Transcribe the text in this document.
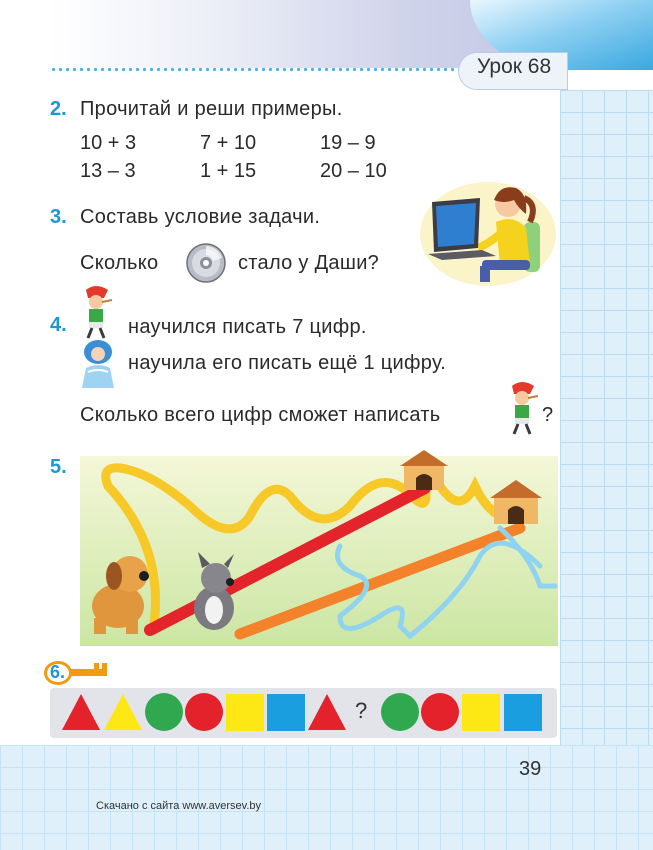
Урок 68
2. Прочитай и реши примеры.
10 + 3	7 + 10	19 – 9
13 – 3	1 + 15	20 – 10
3. Составь условие задачи.
Сколько	стало у Даши?
4.	научился писать 7 цифр.
научила его писать ещё 1 цифру.
Сколько всего цифр сможет написать	?
5.
6.
?
39
Скачано с сайта www.aversev.by
